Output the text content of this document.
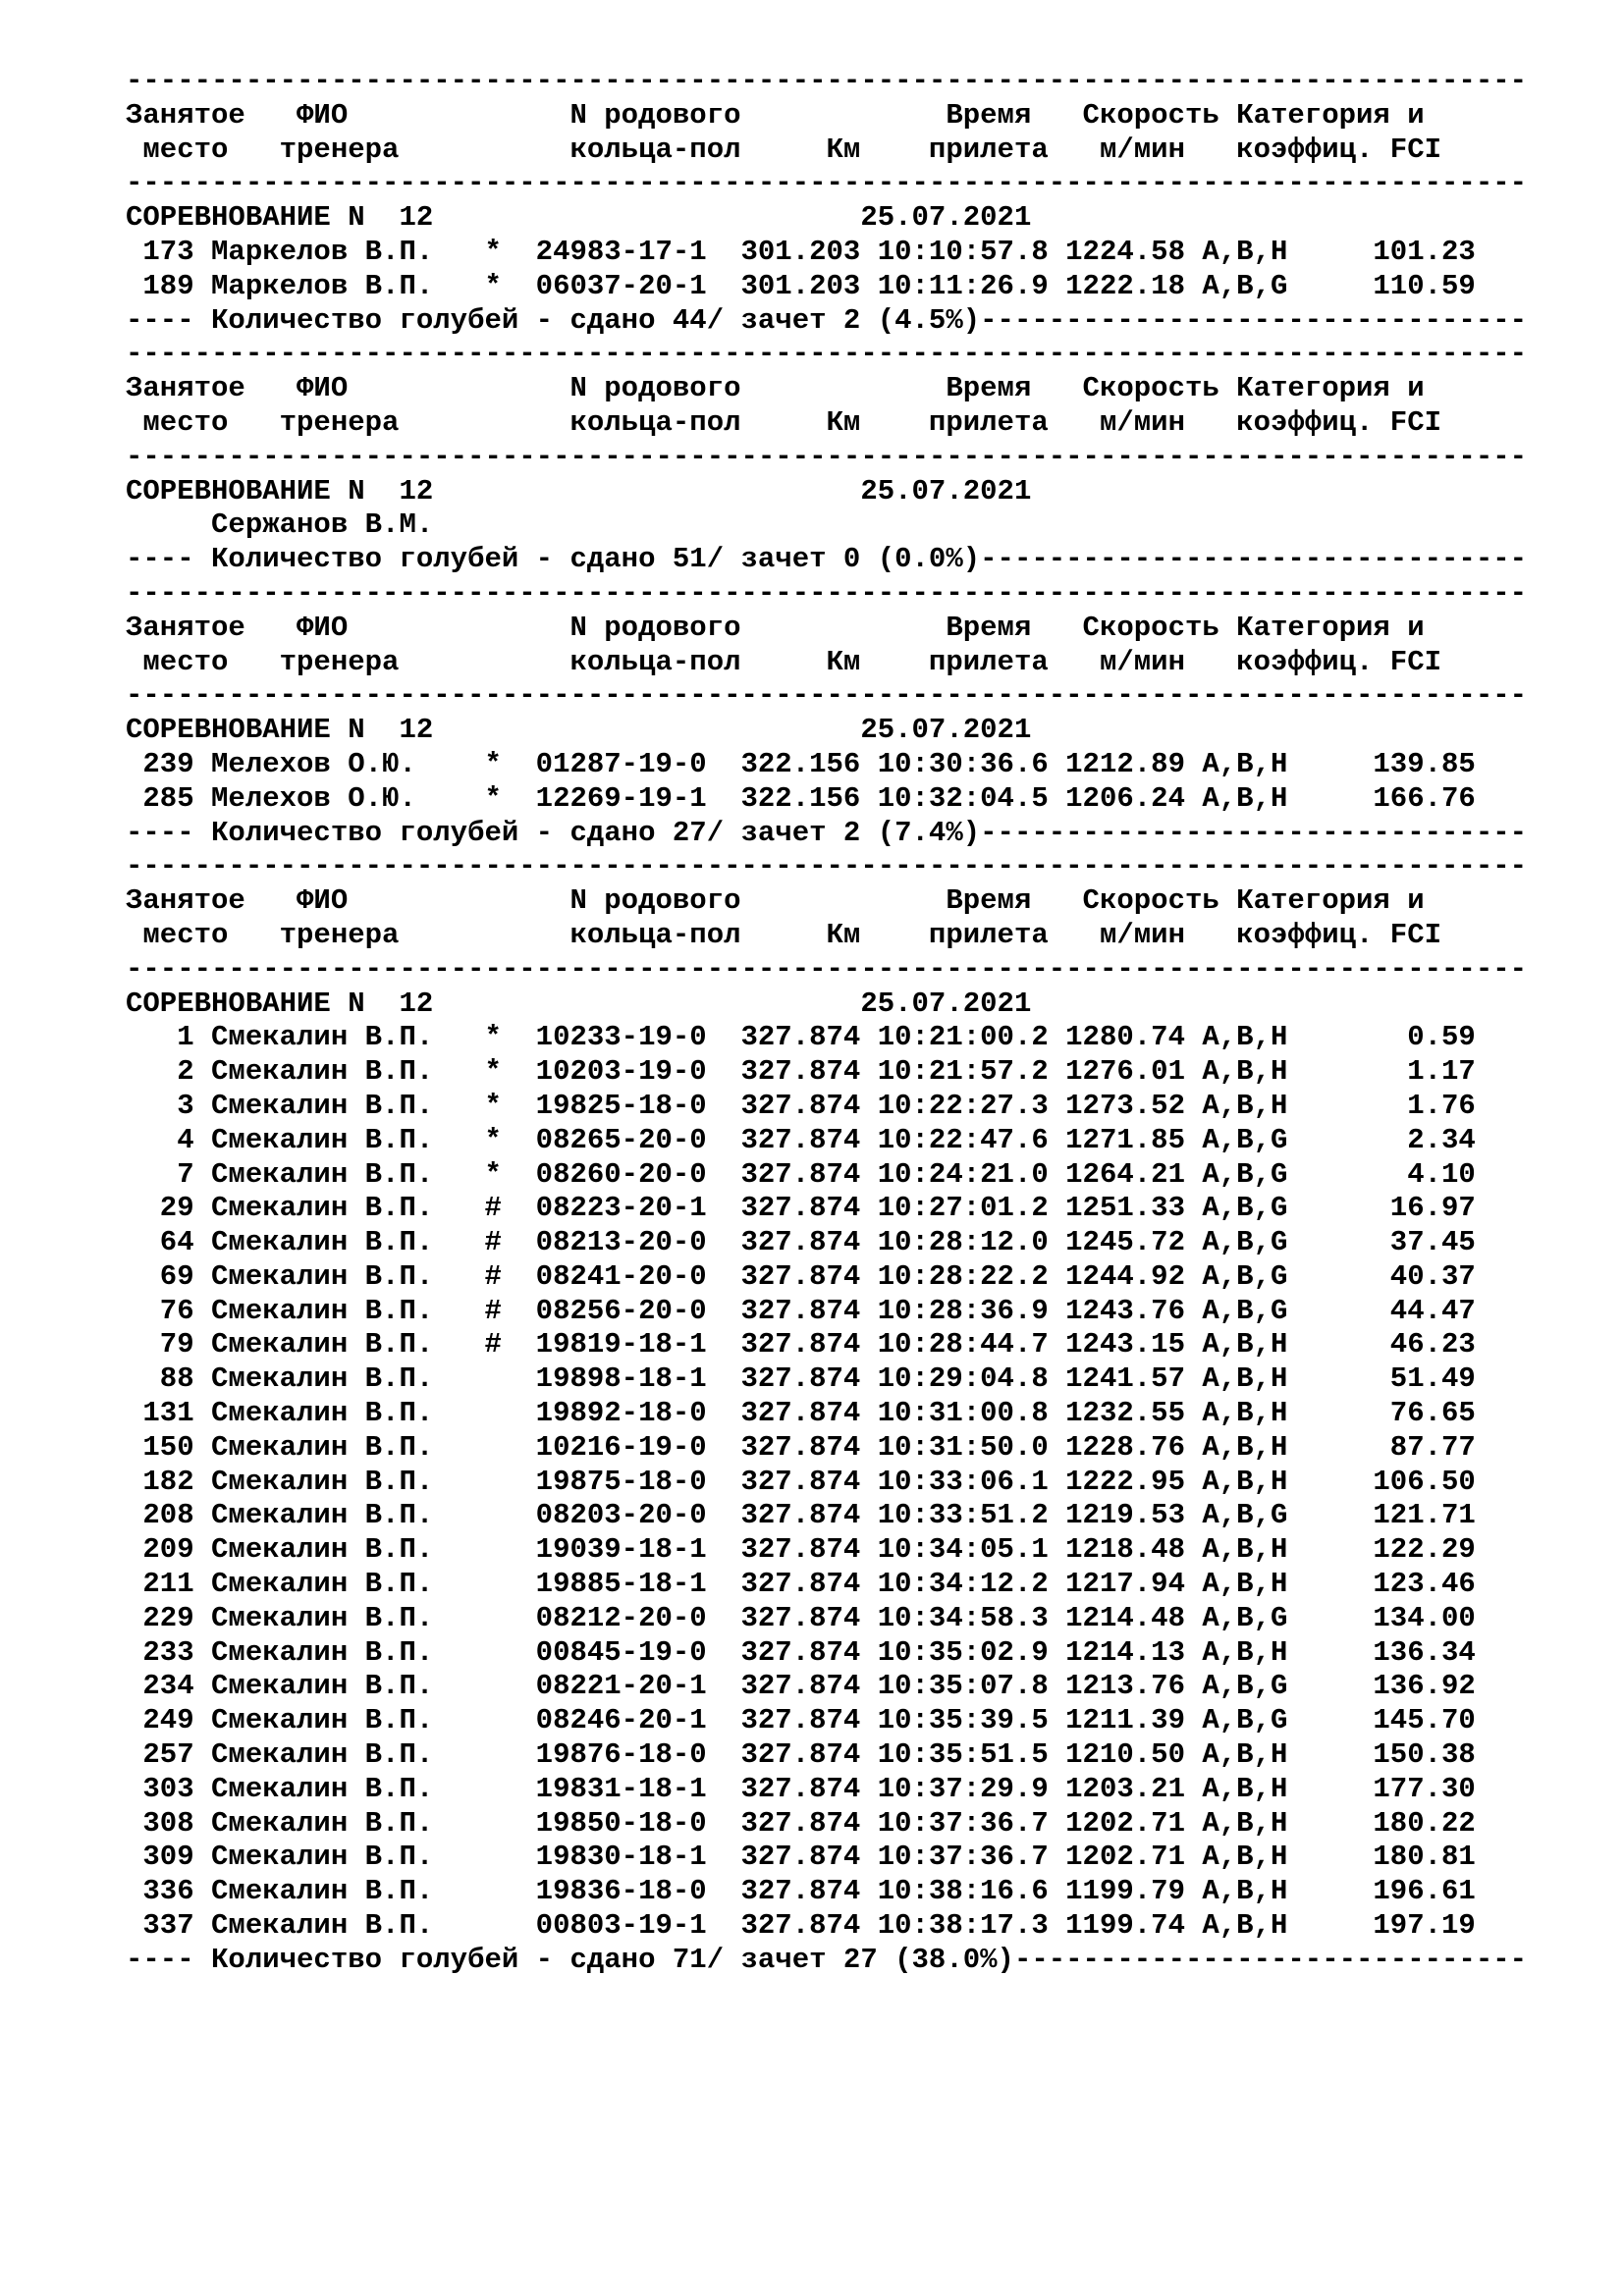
----------------------------------------------------------------------------------
Занятое   ФИО             N родового            Время   Скорость Категория и
место   тренера          кольца-пол     Км    прилета   м/мин   коэффиц. FCI
----------------------------------------------------------------------------------
СОРЕВНОВАНИЕ N  12                         25.07.2021
173 Маркелов В.П.   *  24983-17-1  301.203 10:10:57.8 1224.58 A,B,H     101.23
189 Маркелов В.П.   *  06037-20-1  301.203 10:11:26.9 1222.18 A,B,G     110.59
---- Количество голубей - сдано 44/ зачет 2 (4.5%)--------------------------------
----------------------------------------------------------------------------------
Занятое   ФИО             N родового            Время   Скорость Категория и
место   тренера          кольца-пол     Км    прилета   м/мин   коэффиц. FCI
----------------------------------------------------------------------------------
СОРЕВНОВАНИЕ N  12                         25.07.2021
Сержанов В.М.
---- Количество голубей - сдано 51/ зачет 0 (0.0%)--------------------------------
----------------------------------------------------------------------------------
Занятое   ФИО             N родового            Время   Скорость Категория и
место   тренера          кольца-пол     Км    прилета   м/мин   коэффиц. FCI
----------------------------------------------------------------------------------
СОРЕВНОВАНИЕ N  12                         25.07.2021
239 Мелехов О.Ю.    *  01287-19-0  322.156 10:30:36.6 1212.89 A,B,H     139.85
285 Мелехов О.Ю.    *  12269-19-1  322.156 10:32:04.5 1206.24 A,B,H     166.76
---- Количество голубей - сдано 27/ зачет 2 (7.4%)--------------------------------
----------------------------------------------------------------------------------
Занятое   ФИО             N родового            Время   Скорость Категория и
место   тренера          кольца-пол     Км    прилета   м/мин   коэффиц. FCI
----------------------------------------------------------------------------------
СОРЕВНОВАНИЕ N  12                         25.07.2021
1 Смекалин В.П.   *  10233-19-0  327.874 10:21:00.2 1280.74 A,B,H       0.59
2 Смекалин В.П.   *  10203-19-0  327.874 10:21:57.2 1276.01 A,B,H       1.17
3 Смекалин В.П.   *  19825-18-0  327.874 10:22:27.3 1273.52 A,B,H       1.76
4 Смекалин В.П.   *  08265-20-0  327.874 10:22:47.6 1271.85 A,B,G       2.34
7 Смекалин В.П.   *  08260-20-0  327.874 10:24:21.0 1264.21 A,B,G       4.10
29 Смекалин В.П.   #  08223-20-1  327.874 10:27:01.2 1251.33 A,B,G      16.97
64 Смекалин В.П.   #  08213-20-0  327.874 10:28:12.0 1245.72 A,B,G      37.45
69 Смекалин В.П.   #  08241-20-0  327.874 10:28:22.2 1244.92 A,B,G      40.37
76 Смекалин В.П.   #  08256-20-0  327.874 10:28:36.9 1243.76 A,B,G      44.47
79 Смекалин В.П.   #  19819-18-1  327.874 10:28:44.7 1243.15 A,B,H      46.23
88 Смекалин В.П.      19898-18-1  327.874 10:29:04.8 1241.57 A,B,H      51.49
131 Смекалин В.П.      19892-18-0  327.874 10:31:00.8 1232.55 A,B,H      76.65
150 Смекалин В.П.      10216-19-0  327.874 10:31:50.0 1228.76 A,B,H      87.77
182 Смекалин В.П.      19875-18-0  327.874 10:33:06.1 1222.95 A,B,H     106.50
208 Смекалин В.П.      08203-20-0  327.874 10:33:51.2 1219.53 A,B,G     121.71
209 Смекалин В.П.      19039-18-1  327.874 10:34:05.1 1218.48 A,B,H     122.29
211 Смекалин В.П.      19885-18-1  327.874 10:34:12.2 1217.94 A,B,H     123.46
229 Смекалин В.П.      08212-20-0  327.874 10:34:58.3 1214.48 A,B,G     134.00
233 Смекалин В.П.      00845-19-0  327.874 10:35:02.9 1214.13 A,B,H     136.34
234 Смекалин В.П.      08221-20-1  327.874 10:35:07.8 1213.76 A,B,G     136.92
249 Смекалин В.П.      08246-20-1  327.874 10:35:39.5 1211.39 A,B,G     145.70
257 Смекалин В.П.      19876-18-0  327.874 10:35:51.5 1210.50 A,B,H     150.38
303 Смекалин В.П.      19831-18-1  327.874 10:37:29.9 1203.21 A,B,H     177.30
308 Смекалин В.П.      19850-18-0  327.874 10:37:36.7 1202.71 A,B,H     180.22
309 Смекалин В.П.      19830-18-1  327.874 10:37:36.7 1202.71 A,B,H     180.81
336 Смекалин В.П.      19836-18-0  327.874 10:38:16.6 1199.79 A,B,H     196.61
337 Смекалин В.П.      00803-19-1  327.874 10:38:17.3 1199.74 A,B,H     197.19
---- Количество голубей - сдано 71/ зачет 27 (38.0%)------------------------------
